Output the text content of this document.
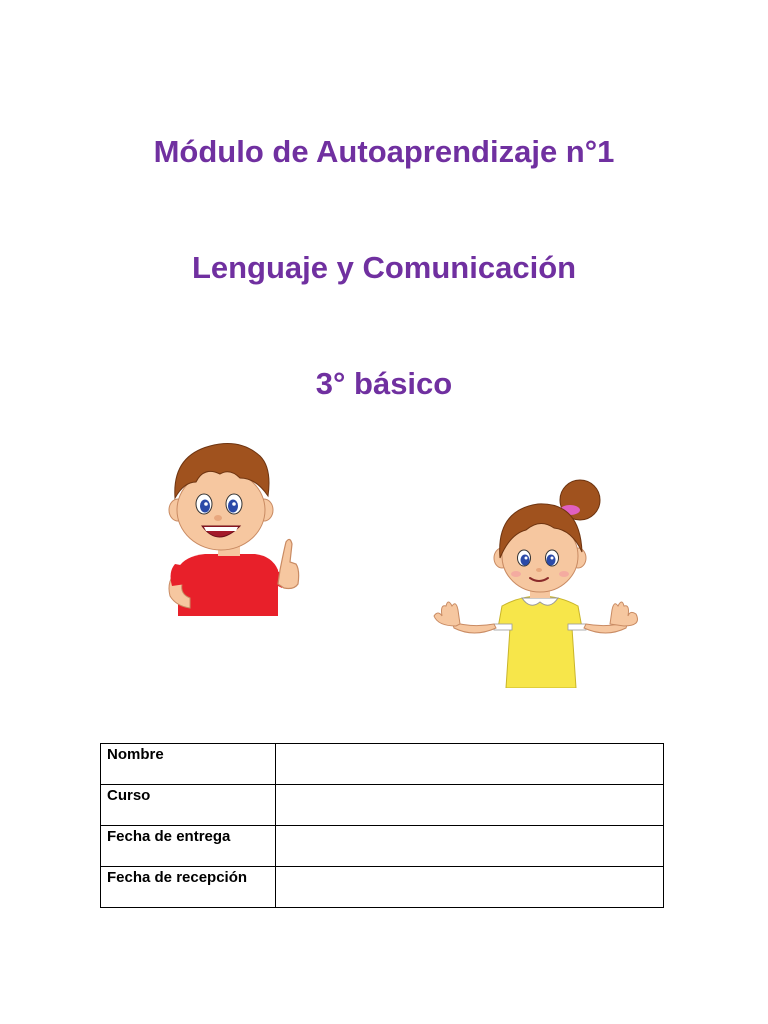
Módulo de Autoaprendizaje n°1
Lenguaje y Comunicación
3° básico
Nombre	
Curso	
Fecha de entrega	
Fecha de recepción	
